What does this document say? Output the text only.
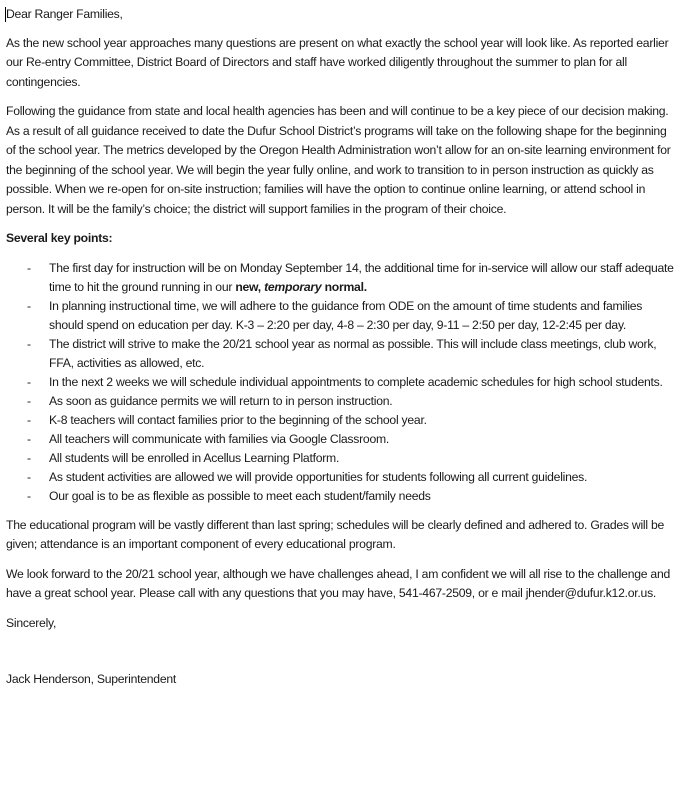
Dear Ranger Families,

As the new school year approaches many questions are present on what exactly the school year will look like. As reported earlier our Re-entry Committee, District Board of Directors and staff have worked diligently throughout the summer to plan for all contingencies.

Following the guidance from state and local health agencies has been and will continue to be a key piece of our decision making. As a result of all guidance received to date the Dufur School District’s programs will take on the following shape for the beginning of the school year. The metrics developed by the Oregon Health Administration won’t allow for an on-site learning environment for the beginning of the school year. We will begin the year fully online, and work to transition to in person instruction as quickly as possible. When we re-open for on-site instruction; families will have the option to continue online learning, or attend school in person. It will be the family’s choice; the district will support families in the program of their choice.

Several key points:

- The first day for instruction will be on Monday September 14, the additional time for in-service will allow our staff adequate time to hit the ground running in our new, temporary normal.
- In planning instructional time, we will adhere to the guidance from ODE on the amount of time students and families should spend on education per day. K-3 – 2:20 per day, 4-8 – 2:30 per day, 9-11 – 2:50 per day, 12-2:45 per day.
- The district will strive to make the 20/21 school year as normal as possible. This will include class meetings, club work, FFA, activities as allowed, etc.
- In the next 2 weeks we will schedule individual appointments to complete academic schedules for high school students.
- As soon as guidance permits we will return to in person instruction.
- K-8 teachers will contact families prior to the beginning of the school year.
- All teachers will communicate with families via Google Classroom.
- All students will be enrolled in Acellus Learning Platform.
- As student activities are allowed we will provide opportunities for students following all current guidelines.
- Our goal is to be as flexible as possible to meet each student/family needs

The educational program will be vastly different than last spring; schedules will be clearly defined and adhered to. Grades will be given; attendance is an important component of every educational program.

We look forward to the 20/21 school year, although we have challenges ahead, I am confident we will all rise to the challenge and have a great school year. Please call with any questions that you may have, 541-467-2509, or e mail jhender@dufur.k12.or.us.

Sincerely,

Jack Henderson, Superintendent
